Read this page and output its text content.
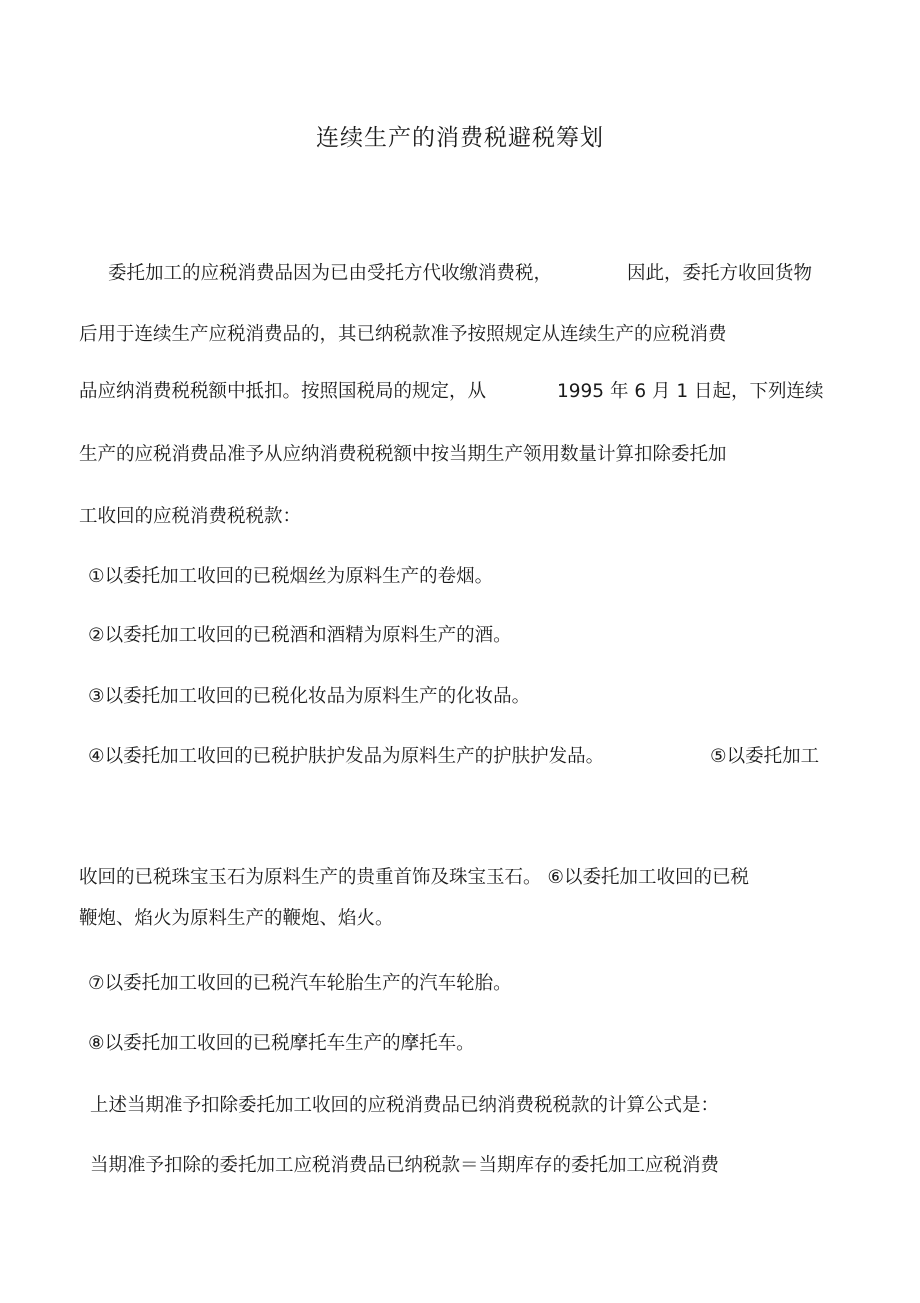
连续生产的消费税避税筹划
委托加工的应税消费品因为已由受托方代收缴消费税，	因此，委托方收回货物
后用于连续生产应税消费品的，其已纳税款准予按照规定从连续生产的应税消费
品应纳消费税税额中抵扣。按照国税局的规定，从	1995 年 6 月 1 日起，下列连续
生产的应税消费品准予从应纳消费税税额中按当期生产领用数量计算扣除委托加
工收回的应税消费税税款：
①以委托加工收回的已税烟丝为原料生产的卷烟。
②以委托加工收回的已税酒和酒精为原料生产的酒。
③以委托加工收回的已税化妆品为原料生产的化妆品。
④以委托加工收回的已税护肤护发品为原料生产的护肤护发品。	⑤以委托加工
收回的已税珠宝玉石为原料生产的贵重首饰及珠宝玉石。 ⑥以委托加工收回的已税
鞭炮、焰火为原料生产的鞭炮、焰火。
⑦以委托加工收回的已税汽车轮胎生产的汽车轮胎。
⑧以委托加工收回的已税摩托车生产的摩托车。
上述当期准予扣除委托加工收回的应税消费品已纳消费税税款的计算公式是：
当期准予扣除的委托加工应税消费品已纳税款＝当期库存的委托加工应税消费
